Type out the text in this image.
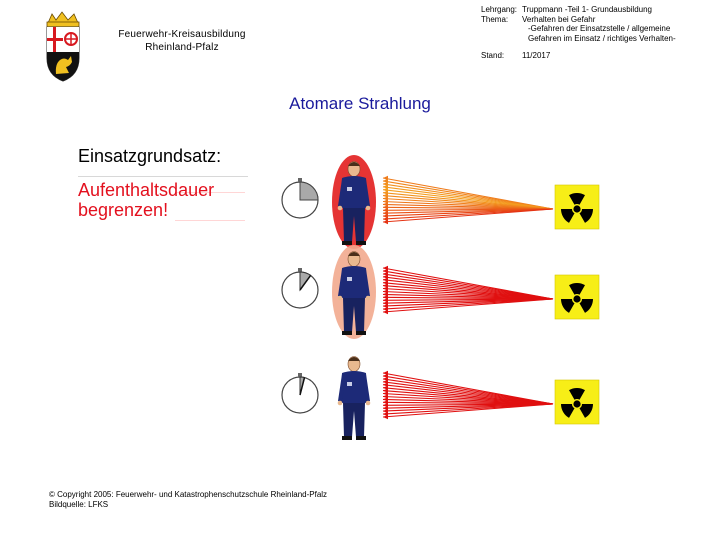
Feuerwehr-Kreisausbildung
Rheinland-Pfalz
Lehrgang: Truppmann -Teil 1- Grundausbildung
Thema:	Verhalten bei Gefahr
-Gefahren der Einsatzstelle / allgemeine
Gefahren im Einsatz / richtiges Verhalten-
Stand:	11/2017
Atomare Strahlung
Einsatzgrundsatz:
Aufenthaltsdauer
begrenzen!
© Copyright 2005: Feuerwehr- und Katastrophenschutzschule Rheinland-Pfalz
Bildquelle: LFKS
